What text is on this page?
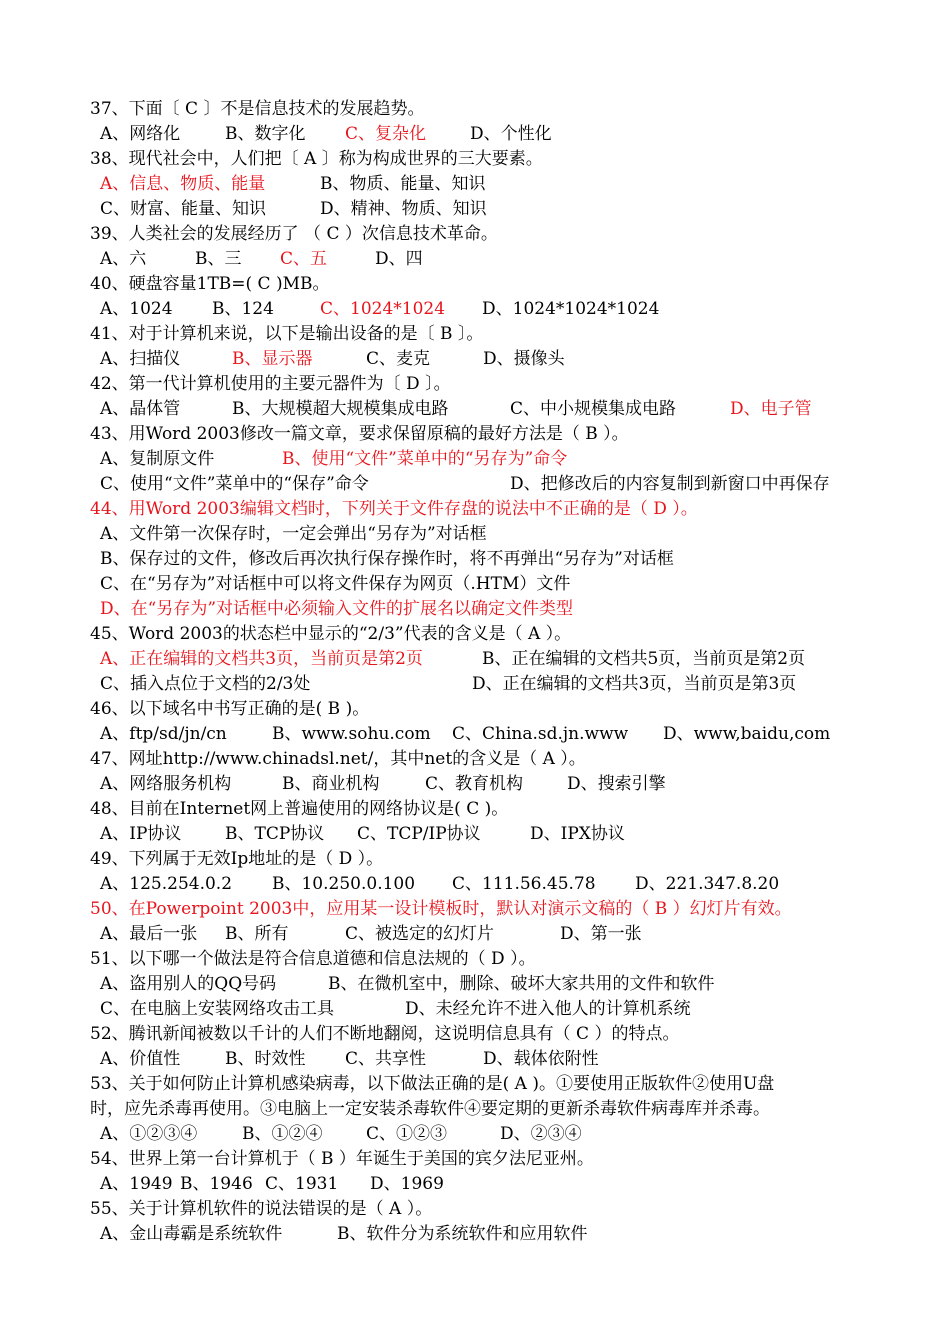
37、下面〔 C 〕不是信息技术的发展趋势。
A、网络化	B、数字化 C、复杂化	D、个性化
38、现代社会中，人们把〔 A 〕称为构成世界的三大要素。
A、信息、物质、能量	B、物质、能量、知识
C、财富、能量、知识	D、精神、物质、知识
39、人类社会的发展经历了 （ C ）次信息技术革命。
A、六	B、三 C、五	D、四
40、硬盘容量1TB=( C )MB。
A、1024 B、124	C、1024*1024 D、1024*1024*1024
41、对于计算机来说，以下是输出设备的是〔 B 〕。
A、扫描仪	B、显示器	C、麦克	D、摄像头
42、第一代计算机使用的主要元器件为〔 D 〕。
A、晶体管	B、大规模超大规模集成电路	C、中小规模集成电路	D、电子管
43、用Word 2003修改一篇文章，要求保留原稿的最好方法是（ B ）。
A、复制原文件	B、使用“文件”菜单中的“另存为”命令
C、使用“文件”菜单中的“保存”命令	D、把修改后的内容复制到新窗口中再保存
44、用Word 2003编辑文档时，下列关于文件存盘的说法中不正确的是（ D ）。
A、文件第一次保存时，一定会弹出“另存为”对话框
B、保存过的文件，修改后再次执行保存操作时，将不再弹出“另存为”对话框
C、在“另存为”对话框中可以将文件保存为网页（.HTM）文件
D、在“另存为”对话框中必须输入文件的扩展名以确定文件类型
45、Word 2003的状态栏中显示的“2/3”代表的含义是（ A ）。
A、正在编辑的文档共3页，当前页是第2页	B、正在编辑的文档共5页，当前页是第2页
C、插入点位于文档的2/3处	D、正在编辑的文档共3页，当前页是第3页
46、以下域名中书写正确的是( B )。
A、ftp/sd/jn/cn	B、www.sohu.com C、China.sd.jn.www D、www,baidu,com
47、网址http://www.chinadsl.net/，其中net的含义是（ A ）。
A、网络服务机构	B、商业机构	C、教育机构	D、搜索引擎
48、目前在Internet网上普遍使用的网络协议是( C )。
A、IP协议	B、TCP协议 C、TCP/IP协议	D、IPX协议
49、下列属于无效Ip地址的是（ D ）。
A、125.254.0.2 B、10.250.0.100 C、111.56.45.78 D、221.347.8.20
50、在Powerpoint 2003中，应用某一设计模板时，默认对演示文稿的（ B ）幻灯片有效。
A、最后一张 B、所有	C、被选定的幻灯片	D、第一张
51、以下哪一个做法是符合信息道德和信息法规的（ D ）。
A、盗用别人的QQ号码	B、在微机室中，删除、破坏大家共用的文件和软件
C、在电脑上安装网络攻击工具	D、未经允许不进入他人的计算机系统
52、腾讯新闻被数以千计的人们不断地翻阅，这说明信息具有（ C ）的特点。
A、价值性	B、时效性 C、共享性	D、载体依附性
53、关于如何防止计算机感染病毒，以下做法正确的是( A )。①要使用正版软件②使用U盘
时，应先杀毒再使用。③电脑上一定安装杀毒软件④要定期的更新杀毒软件病毒库并杀毒。
A、①②③④	B、①②④	C、①②③	D、②③④
54、世界上第一台计算机于（ B ）年诞生于美国的宾夕法尼亚州。
A、1949 B、1946 C、1931 D、1969
55、关于计算机软件的说法错误的是（ A ）。
A、金山毒霸是系统软件	B、软件分为系统软件和应用软件
